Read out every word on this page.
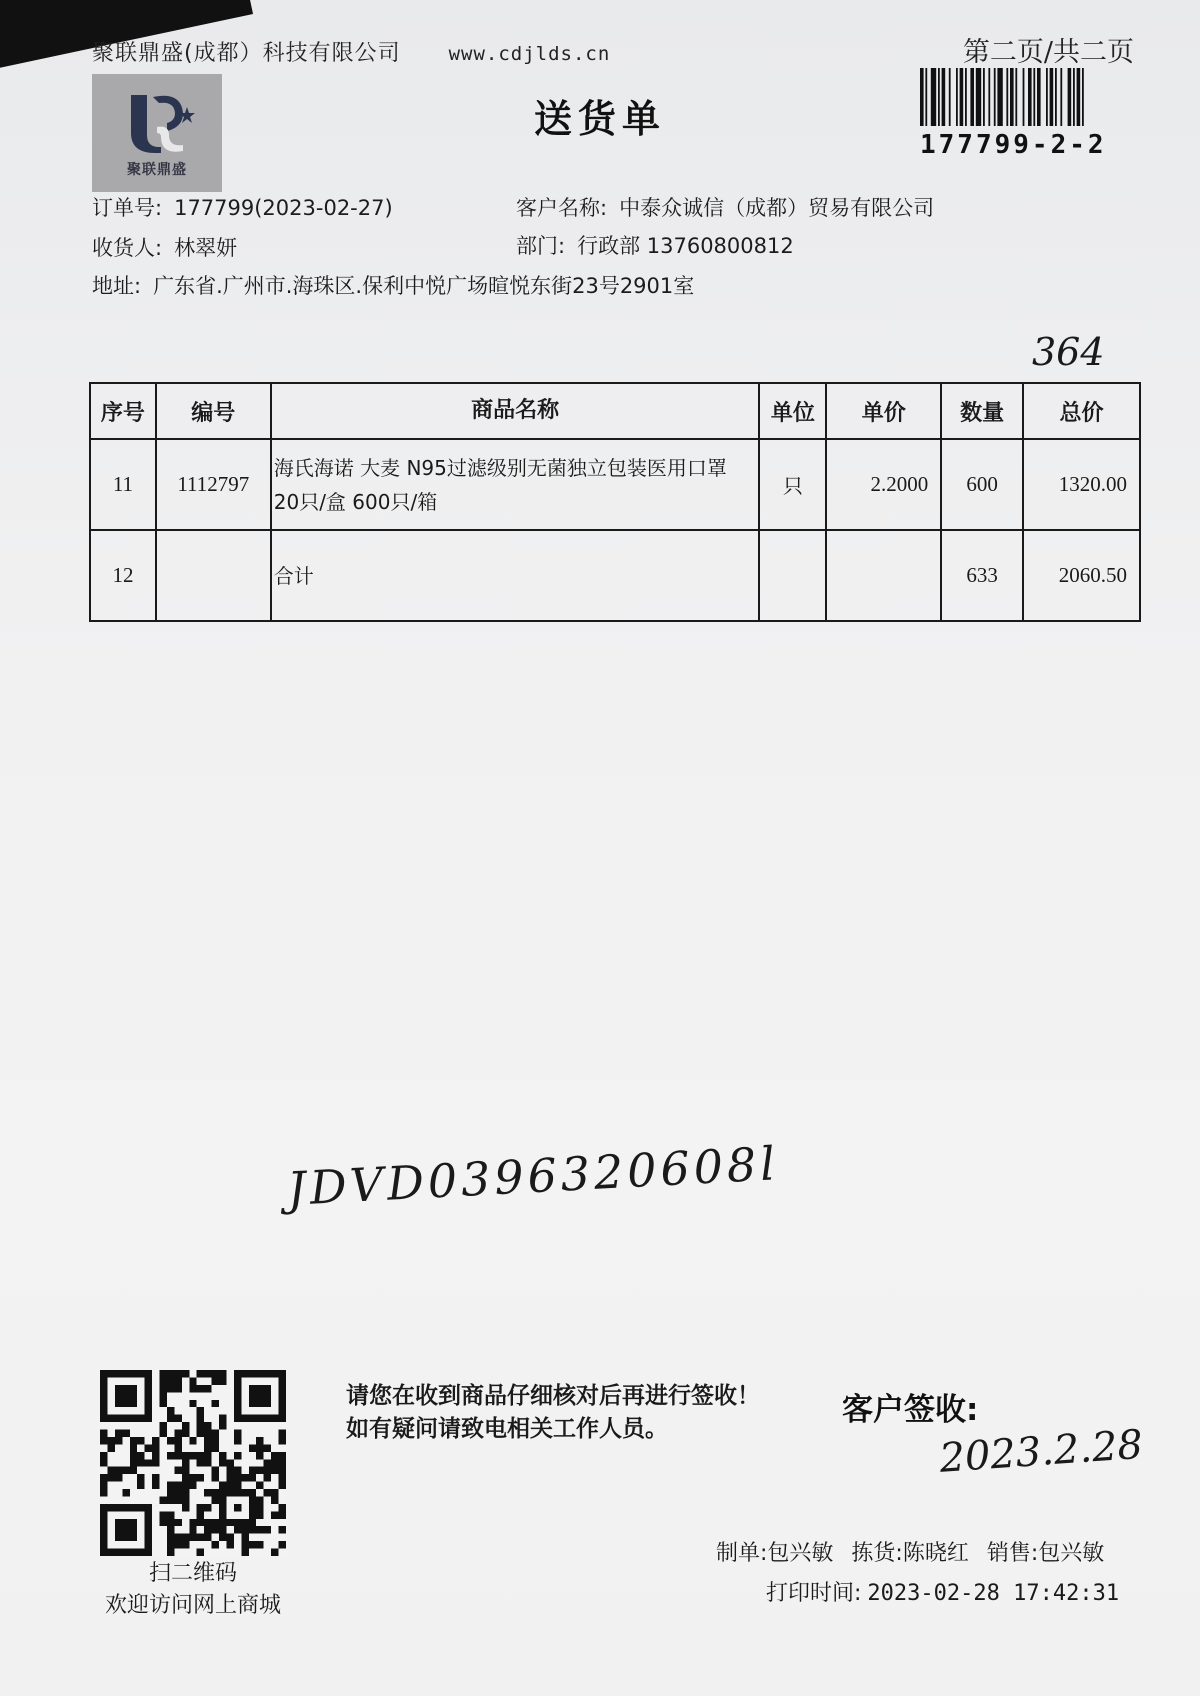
聚联鼎盛(成都）科技有限公司	www.cdjlds.cn	第二页/共二页
聚联鼎盛
送货单
177799-2-2
订单号: 177799(2023-02-27)	客户名称: 中泰众诚信（成都）贸易有限公司
收货人: 林翠妍	部门: 行政部 13760800812
地址: 广东省.广州市.海珠区.保利中悦广场暄悦东街23号2901室
364
序号	编号	商品名称	单位	单价	数量	总价
11	1112797	海氏海诺 大麦 N95过滤级别无菌独立包装医用口罩 20只/盒 600只/箱	只	2.2000	600	1320.00
12		合计			633	2060.50
JDVD0396320608l
扫二维码
欢迎访问网上商城
请您在收到商品仔细核对后再进行签收！如有疑问请致电相关工作人员。
客户签收:
2023.2.28
制单:包兴敏 拣货:陈晓红 销售:包兴敏
打印时间: 2023-02-28 17:42:31
